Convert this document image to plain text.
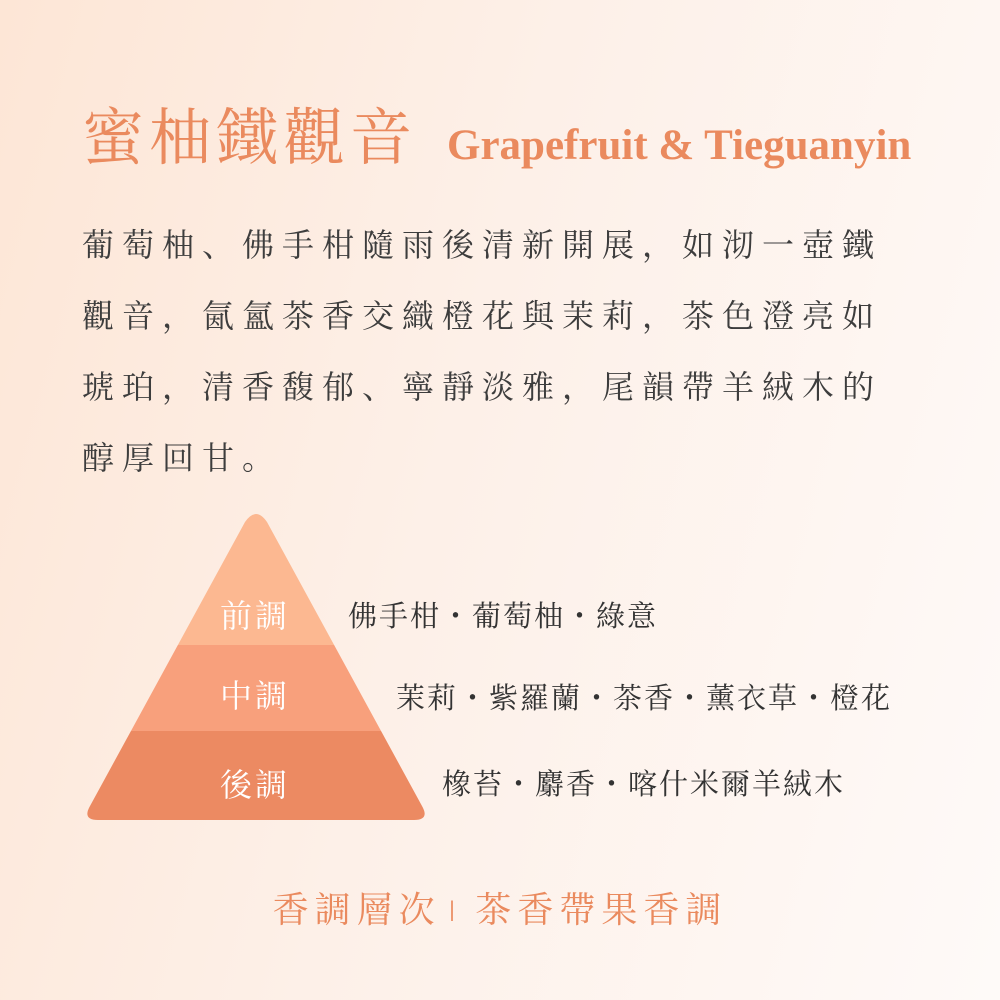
蜜柚鐵觀音 Grapefruit & Tieguanyin
葡萄柚、佛手柑隨雨後清新開展，如沏一壺鐵
觀音，氤氳茶香交織橙花與茉莉，茶色澄亮如
琥珀，清香馥郁、寧靜淡雅，尾韻帶羊絨木的
醇厚回甘。
前調
中調
後調
佛手柑・葡萄柚・綠意
茉莉・紫羅蘭・茶香・薰衣草・橙花
橡苔・麝香・喀什米爾羊絨木
香調層次 | 茶香帶果香調
